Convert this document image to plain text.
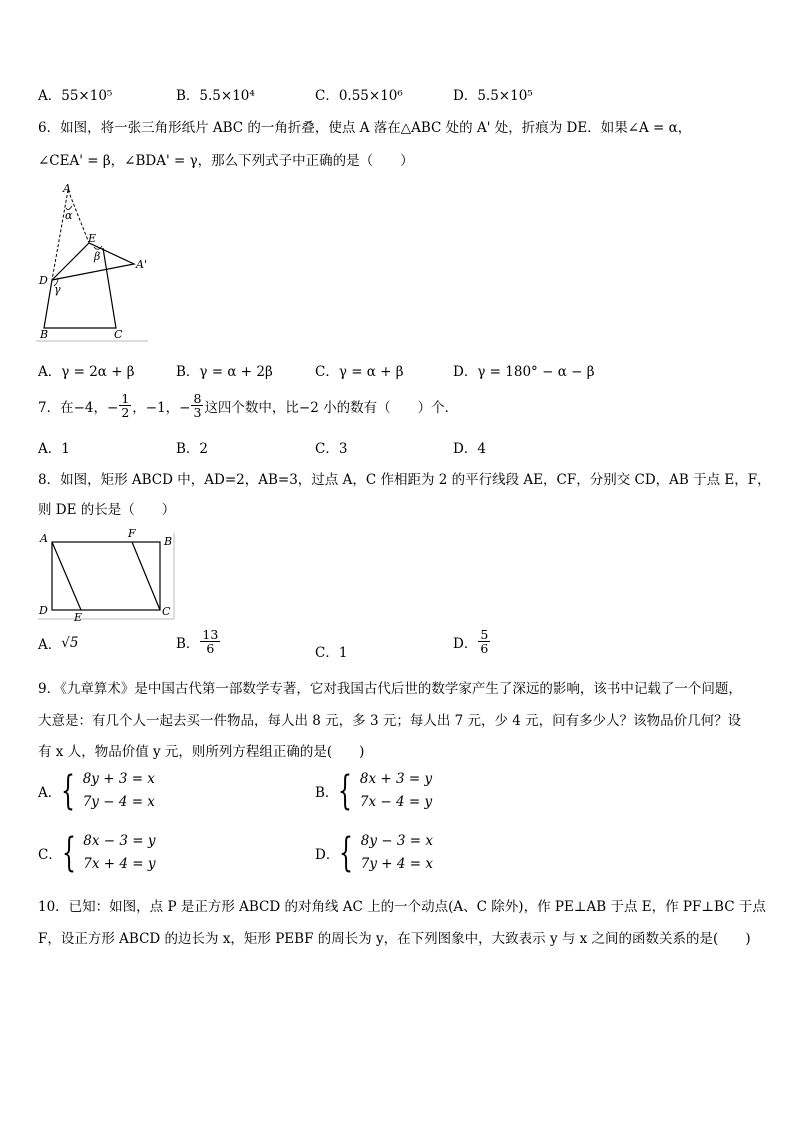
A．55×10⁵	B．5.5×10⁴	C．0.55×10⁶	D．5.5×10⁵
6．如图，将一张三角形纸片 ABC 的一角折叠，使点 A 落在△ABC 处的 A' 处，折痕为 DE．如果∠A = α，
∠CEA' = β，∠BDA' = γ，那么下列式子中正确的是（　　）
A
α
E
β
A'
D
γ
B	C
A．γ = 2α + β	B．γ = α + 2β	C．γ = α + β	D．γ = 180° − α − β
7．在−4，− $\frac{1}{2}$ ，−1，− $\frac{8}{3}$ 这四个数中，比−2 小的数有（　　）个．
A．1	B．2	C．3	D．4
8．如图，矩形 ABCD 中，AD=2，AB=3，过点 A，C 作相距为 2 的平行线段 AE，CF，分别交 CD，AB 于点 E，F，
则 DE 的长是（　　）
A	F
B
D
E	C
A． √5	B． $\frac{13}{6}$	C．1
D． $\frac{5}{6}$
9．《九章算术》是中国古代第一部数学专著，它对我国古代后世的数学家产生了深远的影响，该书中记载了一个问题，
大意是：有几个人一起去买一件物品，每人出 8 元，多 3 元；每人出 7 元，少 4 元，问有多少人？该物品价几何？设
有 x 人，物品价值 y 元，则所列方程组正确的是(　　)
A． { 8y + 3 = x
7y − 4 = x
B． { 8x + 3 = y
7x − 4 = y
C． { 8x − 3 = y
7x + 4 = y
D． { 8y − 3 = x
7y + 4 = x
10．已知：如图，点 P 是正方形 ABCD 的对角线 AC 上的一个动点(A、C 除外)，作 PE⊥AB 于点 E，作 PF⊥BC 于点
F，设正方形 ABCD 的边长为 x，矩形 PEBF 的周长为 y，在下列图象中，大致表示 y 与 x 之间的函数关系的是(　　)
